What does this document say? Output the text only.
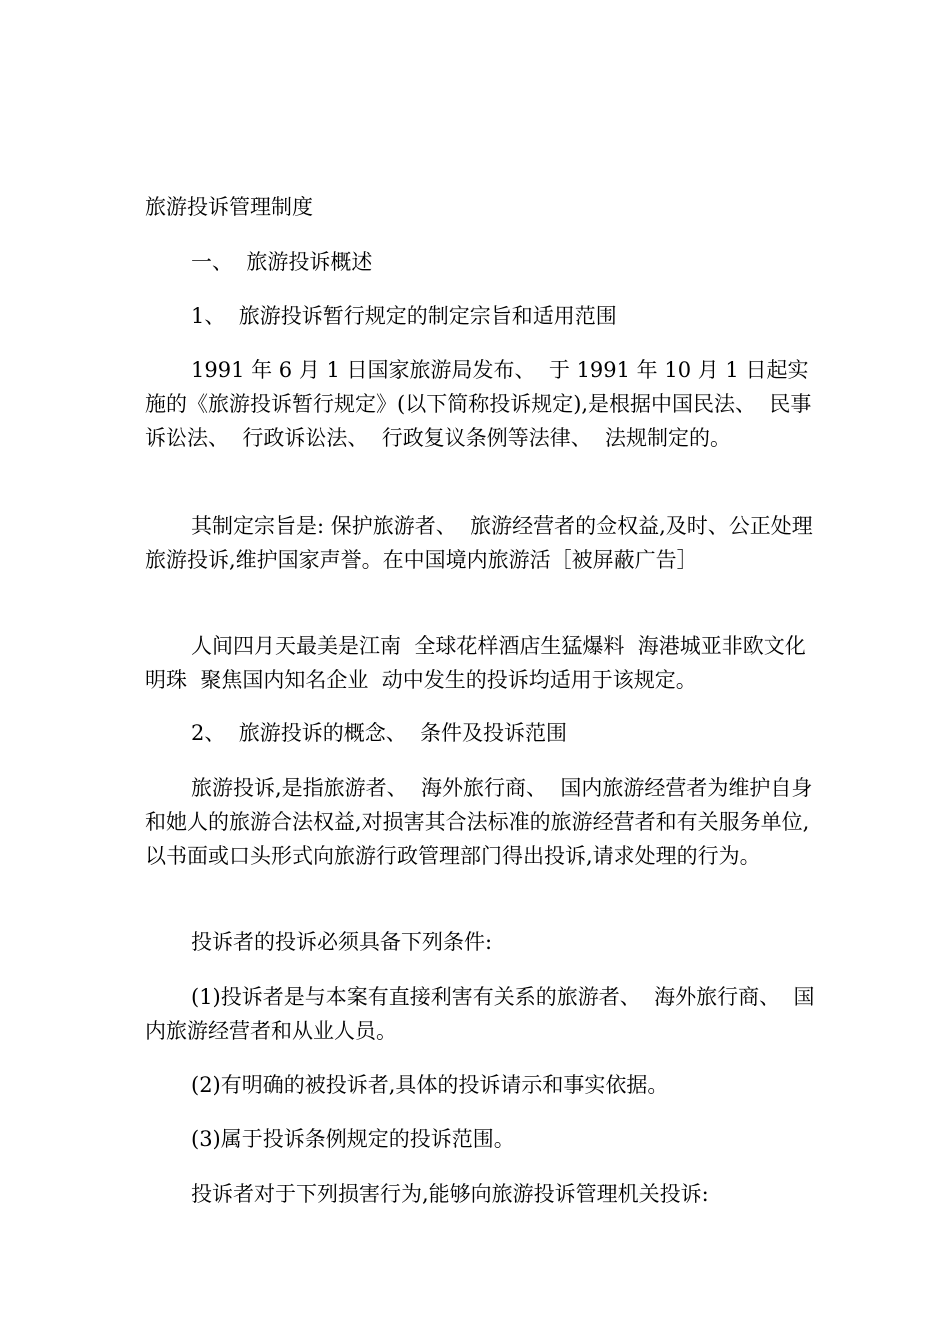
旅游投诉管理制度

一、  旅游投诉概述

1、  旅游投诉暂行规定的制定宗旨和适用范围

1991 年 6 月 1 日国家旅游局发布、  于 1991 年 10 月 1 日起实施的《旅游投诉暂行规定》(以下简称投诉规定),是根据中国民法、  民事诉讼法、  行政诉讼法、  行政复议条例等法律、  法规制定的。

其制定宗旨是: 保护旅游者、  旅游经营者的佥权益,及时、公正处理旅游投诉,维护国家声誉。在中国境内旅游活［被屏蔽广告］

人间四月天最美是江南  全球花样酒店生猛爆料  海港城亚非欧文化明珠  聚焦国内知名企业  动中发生的投诉均适用于该规定。

2、  旅游投诉的概念、  条件及投诉范围

旅游投诉,是指旅游者、  海外旅行商、  国内旅游经营者为维护自身和她人的旅游合法权益,对损害其合法标准的旅游经营者和有关服务单位,以书面或口头形式向旅游行政管理部门得出投诉,请求处理的行为。

投诉者的投诉必须具备下列条件:

(1)投诉者是与本案有直接利害有关系的旅游者、  海外旅行商、  国内旅游经营者和从业人员。

(2)有明确的被投诉者,具体的投诉请示和事实依据。

(3)属于投诉条例规定的投诉范围。

投诉者对于下列损害行为,能够向旅游投诉管理机关投诉:
